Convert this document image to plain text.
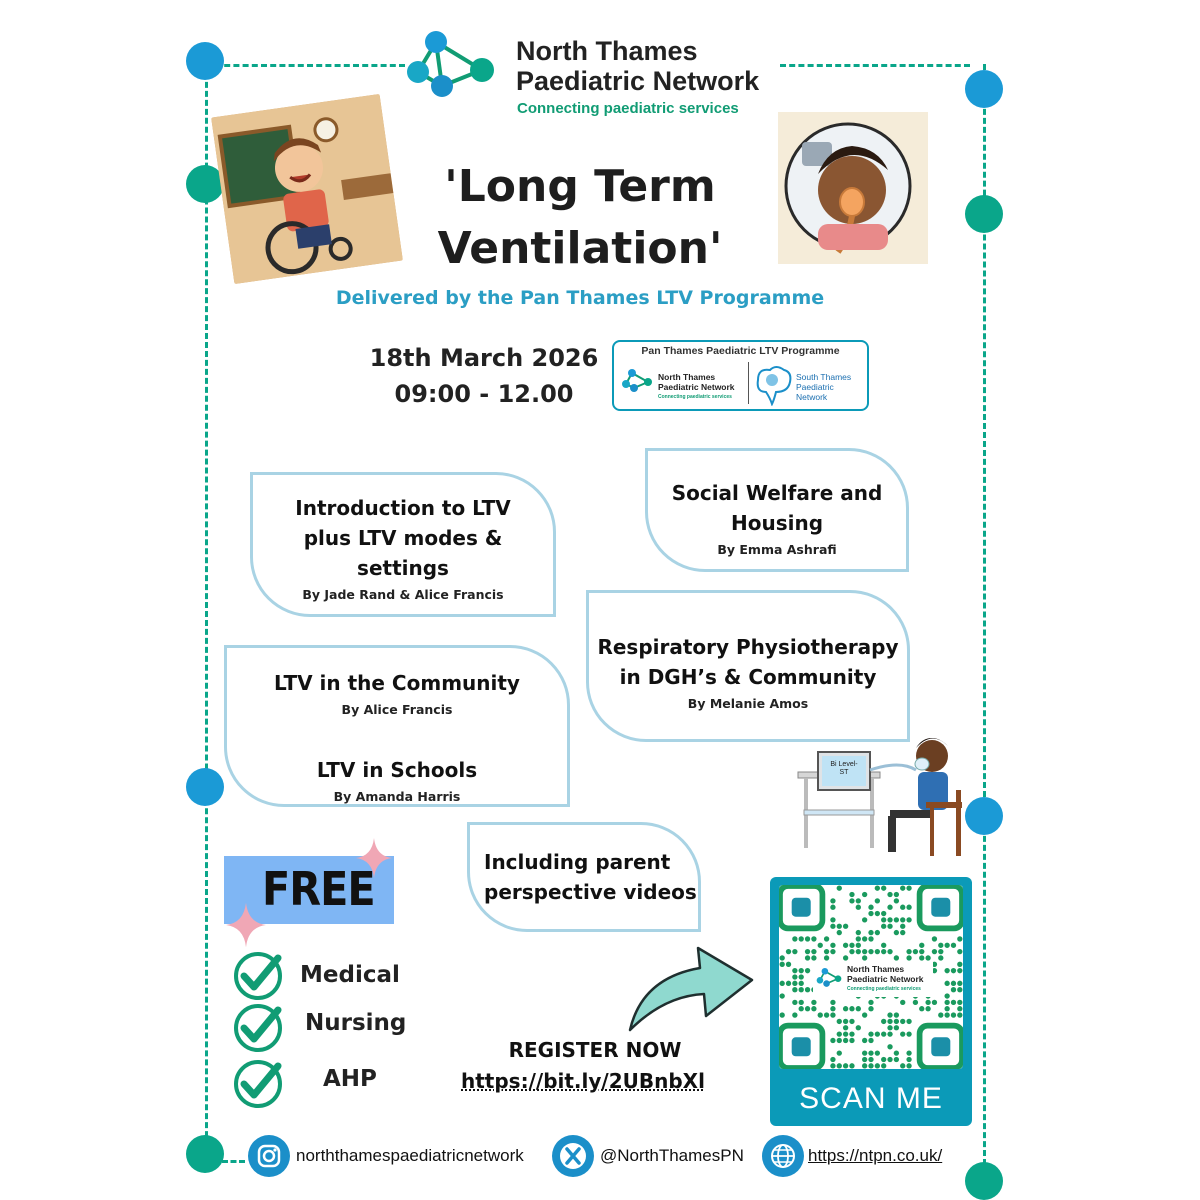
North Thames
Paediatric Network
Connecting paediatric services
'Long Term
Ventilation'
Delivered by the Pan Thames LTV Programme
18th March 2026
09:00 - 12.00
Pan Thames Paediatric LTV Programme
North Thames
Paediatric Network
Connecting paediatric services
South Thames
Paediatric Network
Introduction to LTV
plus LTV modes &
settings
By Jade Rand & Alice Francis
Social Welfare and
Housing
By Emma Ashrafi
Respiratory Physiotherapy
in DGH’s & Community
By Melanie Amos
LTV in the Community
By Alice Francis
LTV in Schools
By Amanda Harris
Including parent
perspective videos
Bi Level-
ST
FREE
Medical
Nursing
AHP
REGISTER NOW
https://bit.ly/2UBnbXl
North Thames
Paediatric Network
Connecting paediatric services
SCAN ME
norththamespaediatricnetwork	@NorthThamesPN	https://ntpn.co.uk/
